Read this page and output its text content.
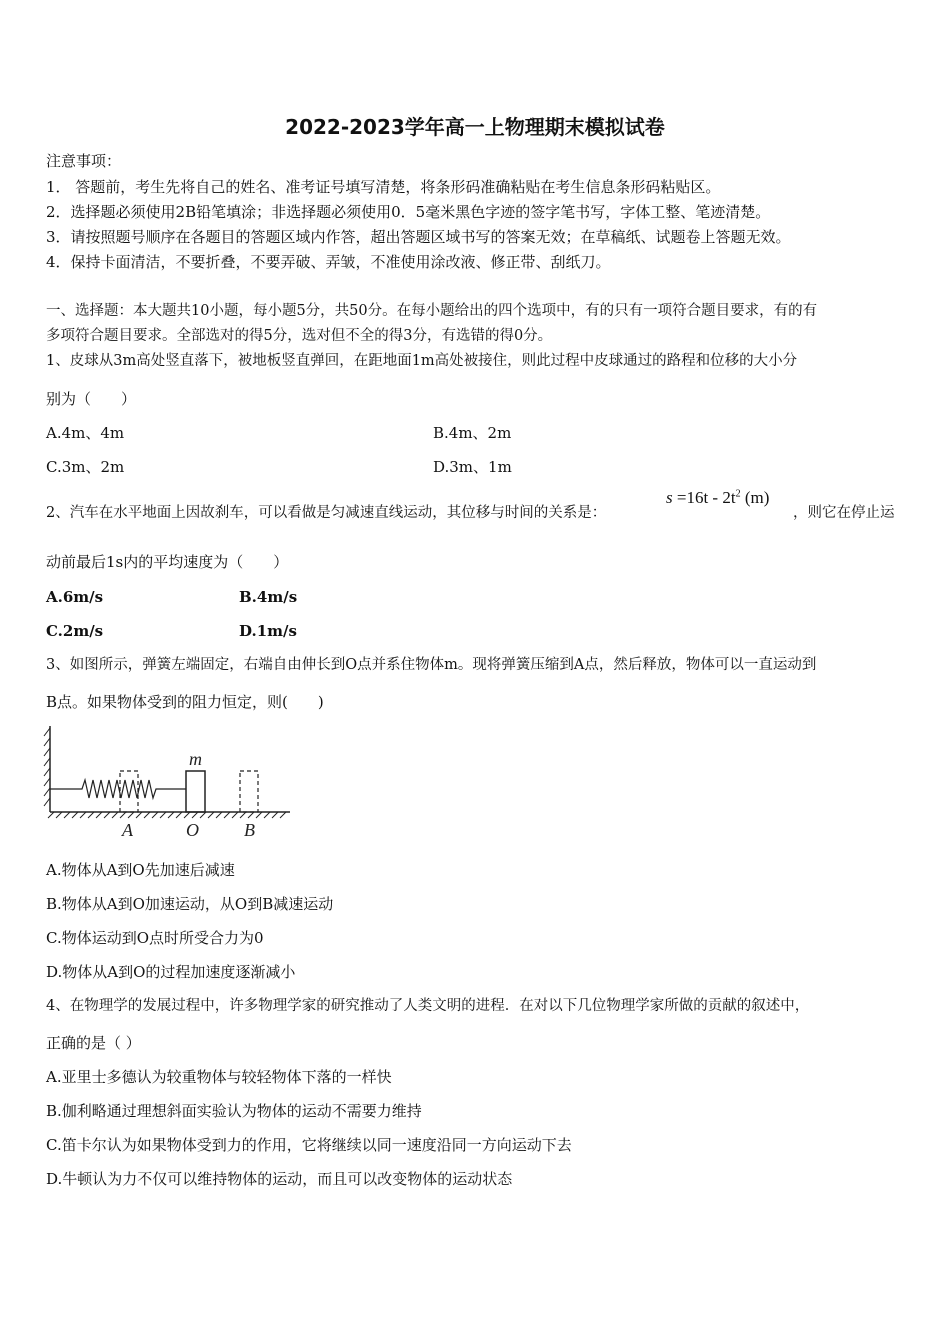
2022-2023学年高一上物理期末模拟试卷
注意事项：
1． 答题前，考生先将自己的姓名、准考证号填写清楚，将条形码准确粘贴在考生信息条形码粘贴区。
2．选择题必须使用2B铅笔填涂；非选择题必须使用0．5毫米黑色字迹的签字笔书写，字体工整、笔迹清楚。
3．请按照题号顺序在各题目的答题区域内作答，超出答题区域书写的答案无效；在草稿纸、试题卷上答题无效。
4．保持卡面清洁，不要折叠，不要弄破、弄皱，不准使用涂改液、修正带、刮纸刀。
一、选择题：本大题共10小题，每小题5分，共50分。在每小题给出的四个选项中，有的只有一项符合题目要求，有的有
多项符合题目要求。全部选对的得5分，选对但不全的得3分，有选错的得0分。
1、皮球从3m高处竖直落下，被地板竖直弹回，在距地面1m高处被接住，则此过程中皮球通过的路程和位移的大小分
别为（　　）
A.4m、4m	B.4m、2m
C.3m、2m	D.3m、1m
2、汽车在水平地面上因故刹车，可以看做是匀减速直线运动，其位移与时间的关系是：
$s =16t - 2t^2$ (m)
，则它在停止运
动前最后1s内的平均速度为（　　）
A.6m/s	B.4m/s
C.2m/s	D.1m/s
3、如图所示，弹簧左端固定，右端自由伸长到O点并系住物体m。现将弹簧压缩到A点，然后释放，物体可以一直运动到
B点。如果物体受到的阻力恒定，则(　　)
m
A	O	B
A.物体从A到O先加速后减速
B.物体从A到O加速运动，从O到B减速运动
C.物体运动到O点时所受合力为0
D.物体从A到O的过程加速度逐渐减小
4、在物理学的发展过程中，许多物理学家的研究推动了人类文明的进程．在对以下几位物理学家所做的贡献的叙述中，
正确的是（ ）
A.亚里士多德认为较重物体与较轻物体下落的一样快
B.伽利略通过理想斜面实验认为物体的运动不需要力维持
C.笛卡尔认为如果物体受到力的作用，它将继续以同一速度沿同一方向运动下去
D.牛顿认为力不仅可以维持物体的运动，而且可以改变物体的运动状态
